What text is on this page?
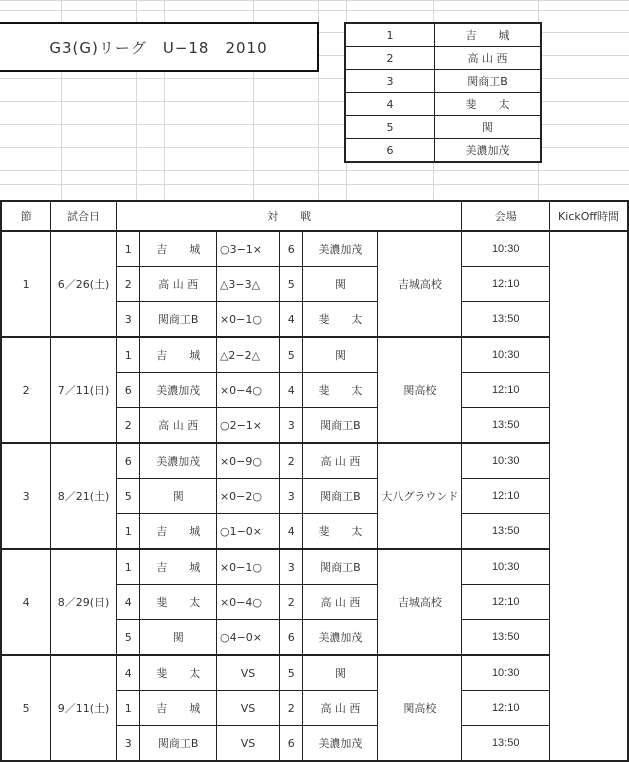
G3(G)リーグ　U−18　2010
1	吉　　城
2	高 山 西
3	関商工B
4	斐　　太
5	関
6	美濃加茂
節	試合日	対　　戦						会場	KickOff時間
1	6／26(土)	1	吉　　城	○3−1×	6	美濃加茂	吉城高校	10:30	
		2	高 山 西	△3−3△	5	関		12:10	
		3	関商工B	×0−1○	4	斐　　太		13:50	
2	7／11(日)	1	吉　　城	△2−2△	5	関	関高校	10:30	
		6	美濃加茂	×0−4○	4	斐　　太		12:10	
		2	高 山 西	○2−1×	3	関商工B		13:50	
3	8／21(土)	6	美濃加茂	×0−9○	2	高 山 西	大八グラウンド	10:30	
		5	関	×0−2○	3	関商工B		12:10	
		1	吉　　城	○1−0×	4	斐　　太		13:50	
4	8／29(日)	1	吉　　城	×0−1○	3	関商工B	吉城高校	10:30	
		4	斐　　太	×0−4○	2	高 山 西		12:10	
		5	関	○4−0×	6	美濃加茂		13:50	
5	9／11(土)	4	斐　　太	VS	5	関	関高校	10:30	
		1	吉　　城	VS	2	高 山 西		12:10	
		3	関商工B	VS	6	美濃加茂		13:50	
